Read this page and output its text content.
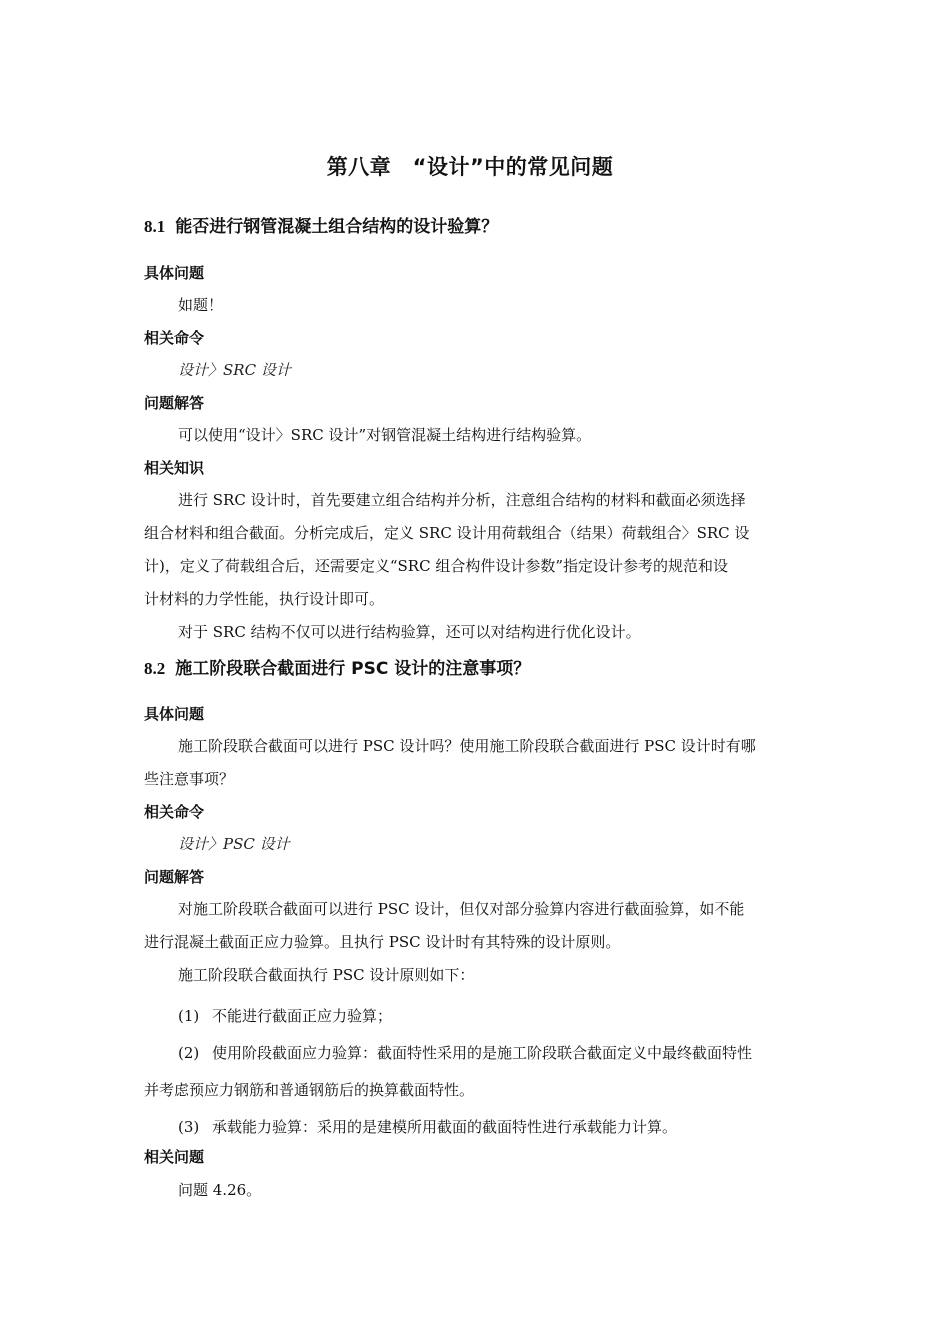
第八章　“设计”中的常见问题
8.1 能否进行钢管混凝土组合结构的设计验算？
具体问题
如题！
相关命令
设计〉SRC 设计
问题解答
可以使用“设计〉SRC 设计”对钢管混凝土结构进行结构验算。
相关知识
进行 SRC 设计时，首先要建立组合结构并分析，注意组合结构的材料和截面必须选择
组合材料和组合截面。分析完成后，定义 SRC 设计用荷载组合（结果）荷载组合〉SRC 设
计)，定义了荷载组合后，还需要定义“SRC 组合构件设计参数”指定设计参考的规范和设
计材料的力学性能，执行设计即可。
对于 SRC 结构不仅可以进行结构验算，还可以对结构进行优化设计。
8.2 施工阶段联合截面进行 PSC 设计的注意事项？
具体问题
施工阶段联合截面可以进行 PSC 设计吗？使用施工阶段联合截面进行 PSC 设计时有哪
些注意事项？
相关命令
设计〉PSC 设计
问题解答
对施工阶段联合截面可以进行 PSC 设计，但仅对部分验算内容进行截面验算，如不能
进行混凝土截面正应力验算。且执行 PSC 设计时有其特殊的设计原则。
施工阶段联合截面执行 PSC 设计原则如下：
(1) 不能进行截面正应力验算；
(2) 使用阶段截面应力验算：截面特性采用的是施工阶段联合截面定义中最终截面特性
并考虑预应力钢筋和普通钢筋后的换算截面特性。
(3) 承载能力验算：采用的是建模所用截面的截面特性进行承载能力计算。
相关问题
问题 4.26。
